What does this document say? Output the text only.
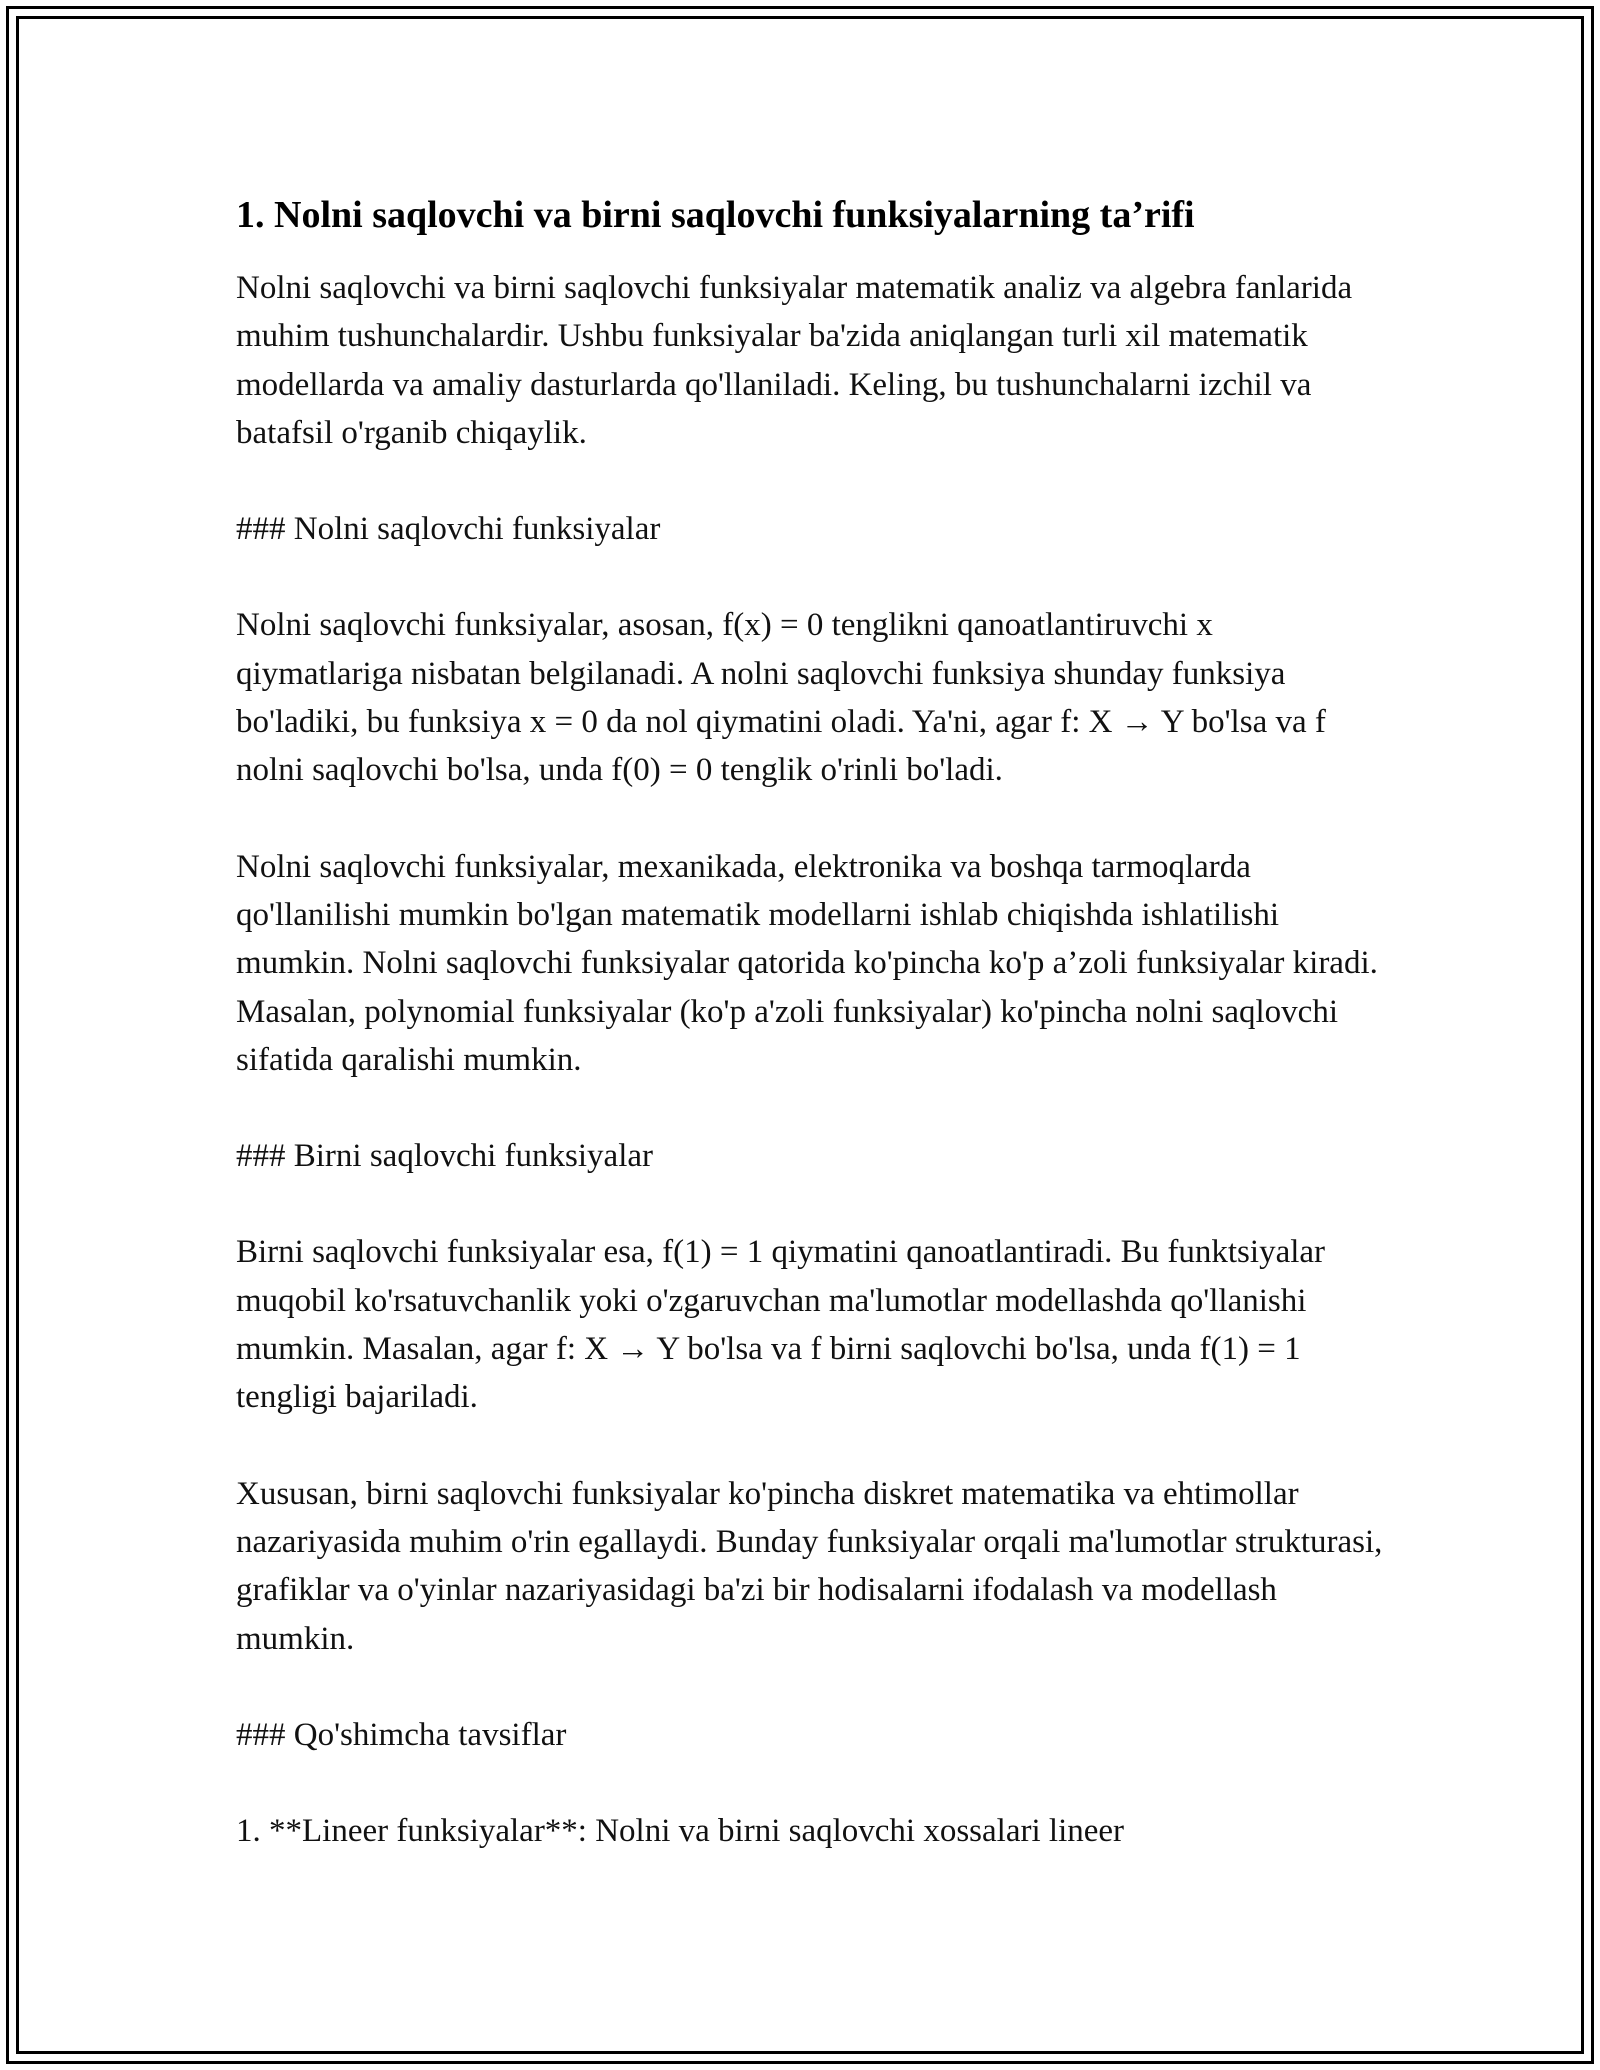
1. Nolni saqlovchi va birni saqlovchi funksiyalarning ta’rifi

Nolni saqlovchi va birni saqlovchi funksiyalar matematik analiz va algebra fanlarida muhim tushunchalardir. Ushbu funksiyalar ba'zida aniqlangan turli xil matematik modellarda va amaliy dasturlarda qo'llaniladi. Keling, bu tushunchalarni izchil va batafsil o'rganib chiqaylik.

### Nolni saqlovchi funksiyalar

Nolni saqlovchi funksiyalar, asosan, f(x) = 0 tenglikni qanoatlantiruvchi x qiymatlariga nisbatan belgilanadi. A nolni saqlovchi funksiya shunday funksiya bo'ladiki, bu funksiya x = 0 da nol qiymatini oladi. Ya'ni, agar f: X → Y bo'lsa va f nolni saqlovchi bo'lsa, unda f(0) = 0 tenglik o'rinli bo'ladi.

Nolni saqlovchi funksiyalar, mexanikada, elektronika va boshqa tarmoqlarda qo'llanilishi mumkin bo'lgan matematik modellarni ishlab chiqishda ishlatilishi mumkin. Nolni saqlovchi funksiyalar qatorida ko'pincha ko'p a’zoli funksiyalar kiradi. Masalan, polynomial funksiyalar (ko'p a'zoli funksiyalar) ko'pincha nolni saqlovchi sifatida qaralishi mumkin.

### Birni saqlovchi funksiyalar

Birni saqlovchi funksiyalar esa, f(1) = 1 qiymatini qanoatlantiradi. Bu funktsiyalar muqobil ko'rsatuvchanlik yoki o'zgaruvchan ma'lumotlar modellashda qo'llanishi mumkin. Masalan, agar f: X → Y bo'lsa va f birni saqlovchi bo'lsa, unda f(1) = 1 tengligi bajariladi.

Xususan, birni saqlovchi funksiyalar ko'pincha diskret matematika va ehtimollar nazariyasida muhim o'rin egallaydi. Bunday funksiyalar orqali ma'lumotlar strukturasi, grafiklar va o'yinlar nazariyasidagi ba'zi bir hodisalarni ifodalash va modellash mumkin.

### Qo'shimcha tavsiflar

1. **Lineer funksiyalar**: Nolni va birni saqlovchi xossalari lineer
